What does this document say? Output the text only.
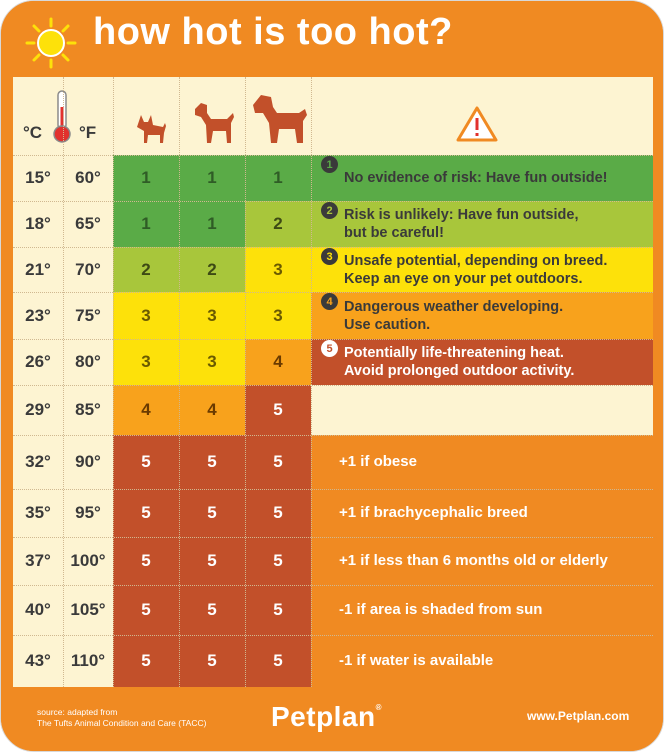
how hot is too hot?
°C °F
15°	60°	1	1	1
1
No evidence of risk: Have fun outside!
18°	65°	1	1	2
2 Risk is unlikely: Have fun outside,
but be careful!
21°	70°	2	2	3
3 Unsafe potential, depending on breed.
Keep an eye on your pet outdoors.
23°	75°	3	3	3
4 Dangerous weather developing.
Use caution.
26°	80°	3	3	4
5 Potentially life-threatening heat.
Avoid prolonged outdoor activity.
29°	85°	4	4	5
32°	90°	5	5	5	+1 if obese
35°	95°	5	5	5	+1 if brachycephalic breed
37°	100°	5	5	5	+1 if less than 6 months old or elderly
40°	105°	5	5	5	-1 if area is shaded from sun
43°	110°	5	5	5	-1 if water is available
source: adapted from
The Tufts Animal Condition and Care (TACC) Petplan®
www.Petplan.com
